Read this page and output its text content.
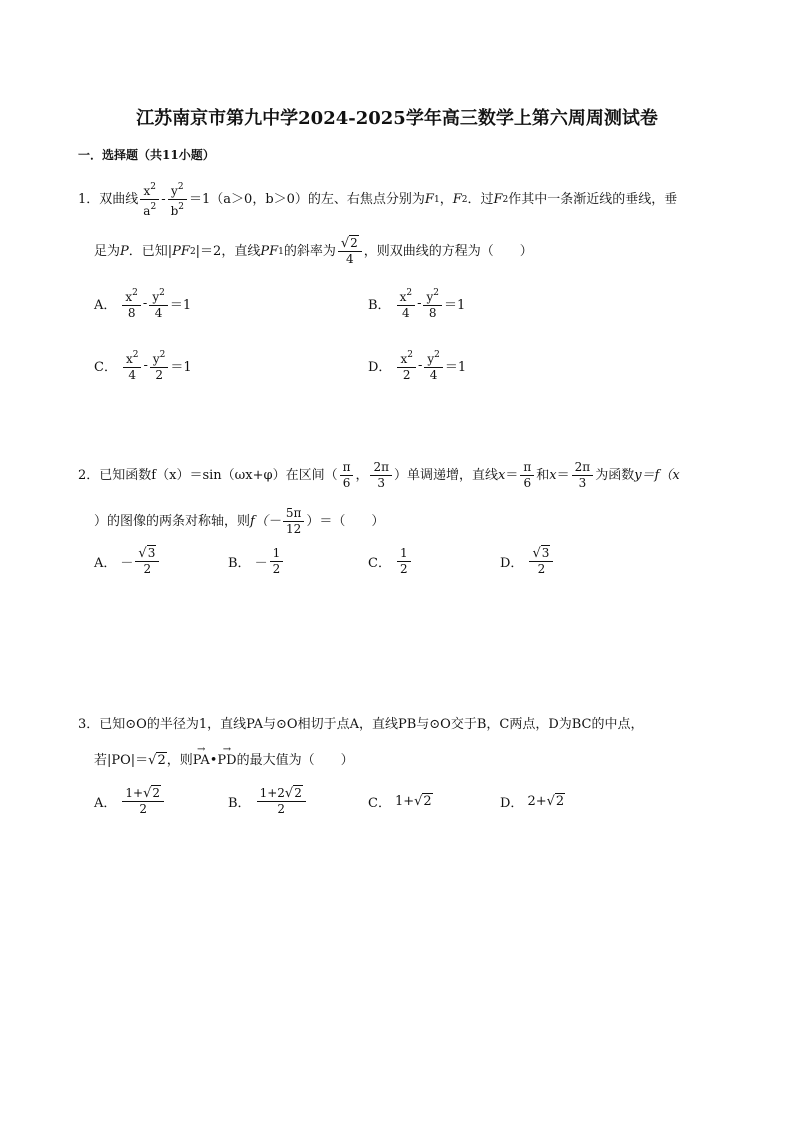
江苏南京市第九中学2024-2025学年高三数学上第六周周测试卷
一．选择题（共11小题）
1． 双曲线 $\frac{x^2}{a^2} - \frac{y^2}{b^2} =1$ （a＞0，b＞0）的左、右焦点分别为 F 1 ， F 2 ．过 F 2 作其中一条渐近线的垂线，垂
足为 P ．已知| PF 2 |＝2，直线 PF 1 的斜率为 $\frac{√2}{4}$ ，则双曲线的方程为（　　）
A． $\frac{x^2}{8} - \frac{y^2}{4} =1$	B． $\frac{x^2}{4} - \frac{y^2}{8} =1$
C． $\frac{x^2}{4} - \frac{y^2}{2} =1$	D． $\frac{x^2}{2} - \frac{y^2}{4} =1$
2． 已知函数 f（x）＝sin（ωx+φ）在区间（ $\frac{\pi}{6}$ ， $\frac{2\pi}{3}$ ）单调递增，直线 $x = \frac{\pi}{6}$ 和 $x = \frac{2\pi}{3}$ 为函数 y＝f（x
）的图像的两条对称轴，则 $f(- \frac{5\pi}{12}$ ）＝（　　）
A． － $\frac{√3}{2}$	B． － $\frac{1}{2}$	C． $\frac{1}{2}$	D． $\frac{√3}{2}$
3． 已知⊙O的半径为1，直线PA与⊙O相切于点A，直线PB与⊙O交于B，C两点，D为BC的中点，
若|PO|＝ √2 ，则 → PA • → PD 的最大值为（　　）
A． $\frac{1+√2}{2}$	B． $\frac{1+2√2}{2}$	C． 1+ √2	D． 2+ √2
